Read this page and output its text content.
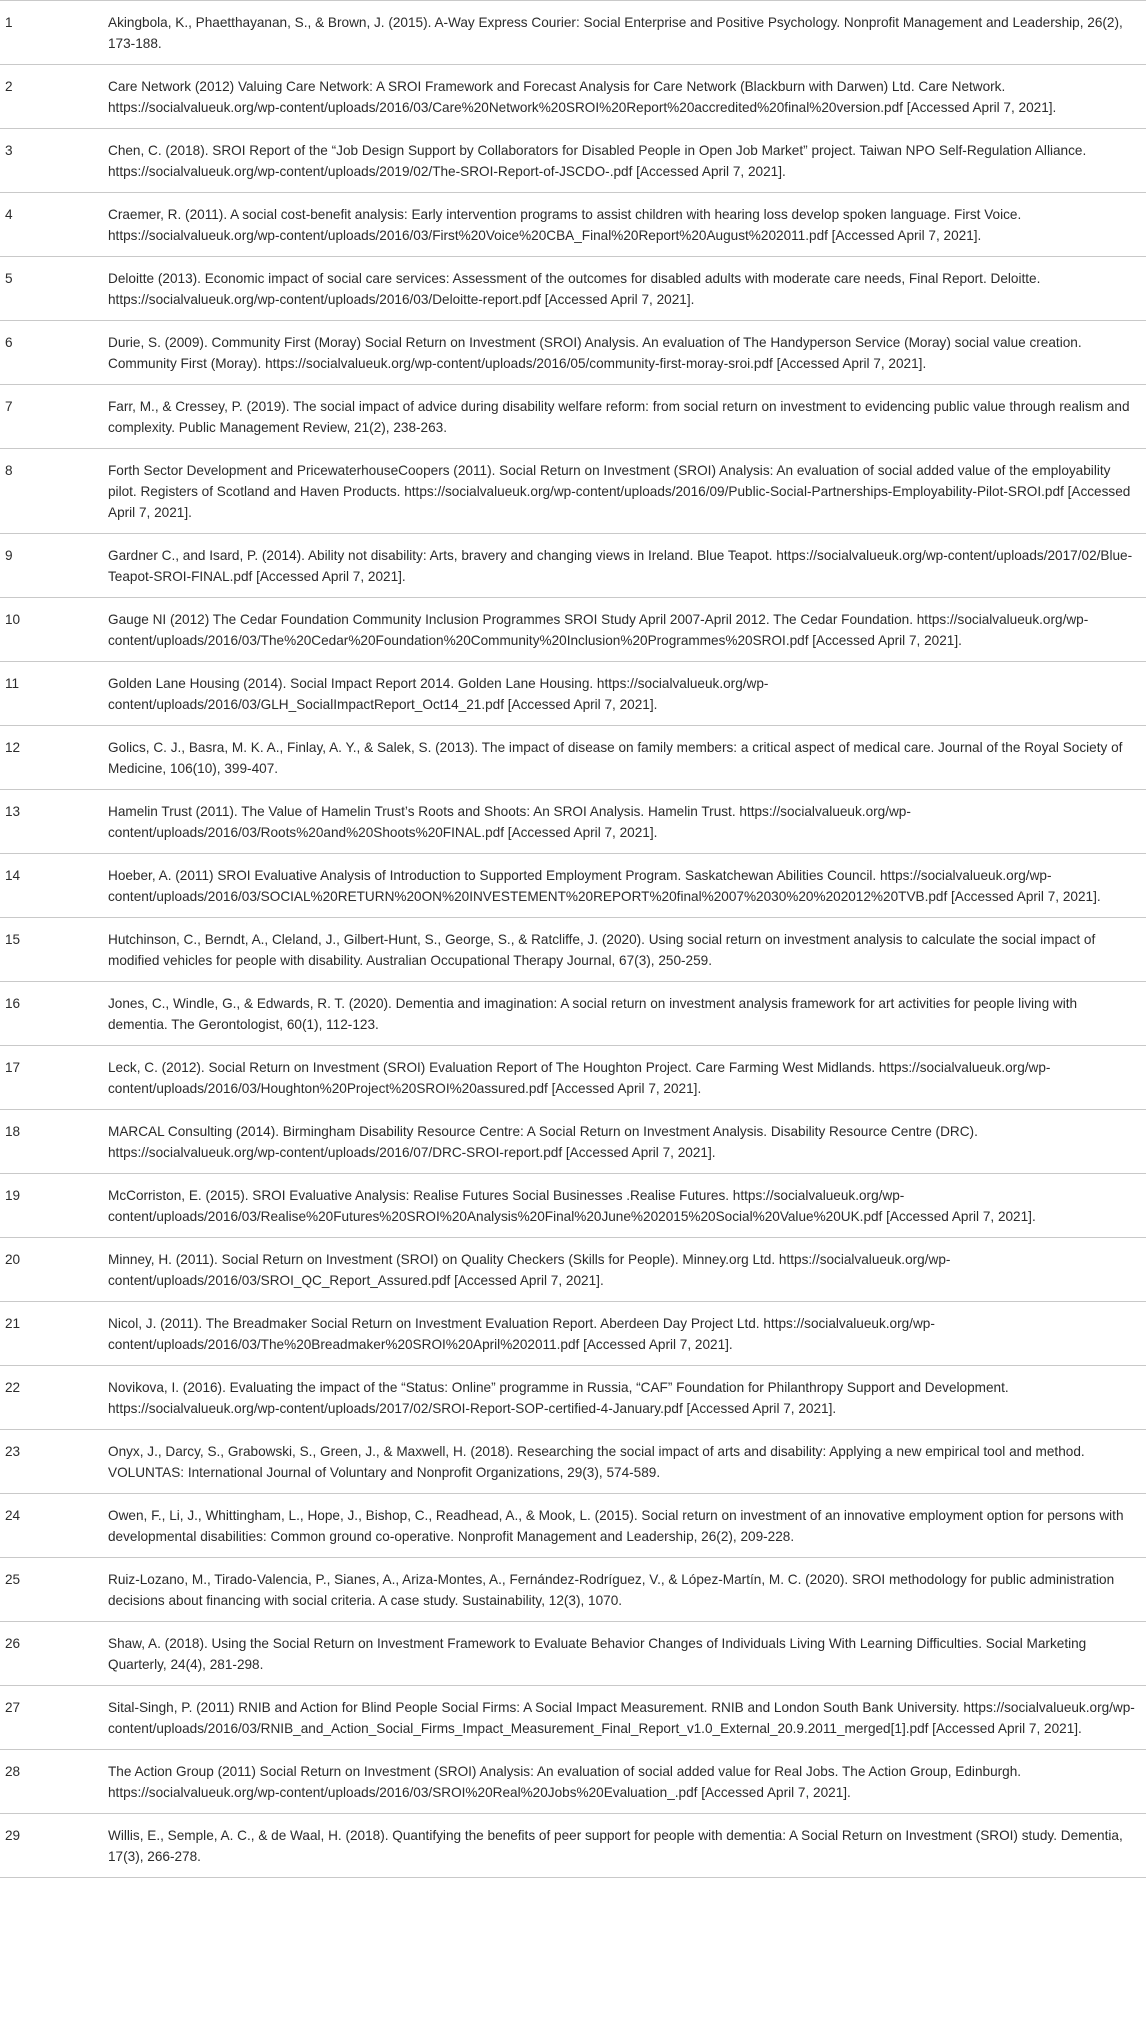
1	Akingbola, K., Phaetthayanan, S., & Brown, J. (2015). A-Way Express Courier: Social Enterprise and Positive Psychology. Nonprofit Management and Leadership, 26(2), 173-188.
2	Care Network (2012) Valuing Care Network: A SROI Framework and Forecast Analysis for Care Network (Blackburn with Darwen) Ltd. Care Network. https://socialvalueuk.org/wp-content/uploads/2016/03/Care%20Network%20SROI%20Report%20accredited%20final%20version.pdf [Accessed April 7, 2021].
3	Chen, C. (2018). SROI Report of the “Job Design Support by Collaborators for Disabled People in Open Job Market” project. Taiwan NPO Self-Regulation Alliance. https://socialvalueuk.org/wp-content/uploads/2019/02/The-SROI-Report-of-JSCDO-.pdf [Accessed April 7, 2021].
4	Craemer, R. (2011). A social cost-benefit analysis: Early intervention programs to assist children with hearing loss develop spoken language. First Voice. https://socialvalueuk.org/wp-content/uploads/2016/03/First%20Voice%20CBA_Final%20Report%20August%202011.pdf [Accessed April 7, 2021].
5	Deloitte (2013). Economic impact of social care services: Assessment of the outcomes for disabled adults with moderate care needs, Final Report. Deloitte. https://socialvalueuk.org/wp-content/uploads/2016/03/Deloitte-report.pdf [Accessed April 7, 2021].
6	Durie, S. (2009). Community First (Moray) Social Return on Investment (SROI) Analysis. An evaluation of The Handyperson Service (Moray) social value creation. Community First (Moray). https://socialvalueuk.org/wp-content/uploads/2016/05/community-first-moray-sroi.pdf [Accessed April 7, 2021].
7	Farr, M., & Cressey, P. (2019). The social impact of advice during disability welfare reform: from social return on investment to evidencing public value through realism and complexity. Public Management Review, 21(2), 238-263.
8	Forth Sector Development and PricewaterhouseCoopers (2011). Social Return on Investment (SROI) Analysis: An evaluation of social added value of the employability pilot. Registers of Scotland and Haven Products. https://socialvalueuk.org/wp-content/uploads/2016/09/Public-Social-Partnerships-Employability-Pilot-SROI.pdf [Accessed April 7, 2021].
9	Gardner C., and Isard, P. (2014). Ability not disability: Arts, bravery and changing views in Ireland. Blue Teapot. https://socialvalueuk.org/wp-content/uploads/2017/02/Blue-Teapot-SROI-FINAL.pdf [Accessed April 7, 2021].
10	Gauge NI (2012) The Cedar Foundation Community Inclusion Programmes SROI Study April 2007-April 2012. The Cedar Foundation. https://socialvalueuk.org/wp-content/uploads/2016/03/The%20Cedar%20Foundation%20Community%20Inclusion%20Programmes%20SROI.pdf [Accessed April 7, 2021].
11	Golden Lane Housing (2014). Social Impact Report 2014. Golden Lane Housing. https://socialvalueuk.org/wp-content/uploads/2016/03/GLH_SocialImpactReport_Oct14_21.pdf [Accessed April 7, 2021].
12	Golics, C. J., Basra, M. K. A., Finlay, A. Y., & Salek, S. (2013). The impact of disease on family members: a critical aspect of medical care. Journal of the Royal Society of Medicine, 106(10), 399-407.
13	Hamelin Trust (2011). The Value of Hamelin Trust’s Roots and Shoots: An SROI Analysis. Hamelin Trust. https://socialvalueuk.org/wp-content/uploads/2016/03/Roots%20and%20Shoots%20FINAL.pdf [Accessed April 7, 2021].
14	Hoeber, A. (2011) SROI Evaluative Analysis of Introduction to Supported Employment Program. Saskatchewan Abilities Council. https://socialvalueuk.org/wp-content/uploads/2016/03/SOCIAL%20RETURN%20ON%20INVESTEMENT%20REPORT%20final%2007%2030%20%202012%20TVB.pdf [Accessed April 7, 2021].
15	Hutchinson, C., Berndt, A., Cleland, J., Gilbert-Hunt, S., George, S., & Ratcliffe, J. (2020). Using social return on investment analysis to calculate the social impact of modified vehicles for people with disability. Australian Occupational Therapy Journal, 67(3), 250-259.
16	Jones, C., Windle, G., & Edwards, R. T. (2020). Dementia and imagination: A social return on investment analysis framework for art activities for people living with dementia. The Gerontologist, 60(1), 112-123.
17	Leck, C. (2012). Social Return on Investment (SROI) Evaluation Report of The Houghton Project. Care Farming West Midlands. https://socialvalueuk.org/wp-content/uploads/2016/03/Houghton%20Project%20SROI%20assured.pdf [Accessed April 7, 2021].
18	MARCAL Consulting (2014). Birmingham Disability Resource Centre: A Social Return on Investment Analysis. Disability Resource Centre (DRC). https://socialvalueuk.org/wp-content/uploads/2016/07/DRC-SROI-report.pdf [Accessed April 7, 2021].
19	McCorriston, E. (2015). SROI Evaluative Analysis: Realise Futures Social Businesses .Realise Futures. https://socialvalueuk.org/wp-content/uploads/2016/03/Realise%20Futures%20SROI%20Analysis%20Final%20June%202015%20Social%20Value%20UK.pdf [Accessed April 7, 2021].
20	Minney, H. (2011). Social Return on Investment (SROI) on Quality Checkers (Skills for People). Minney.org Ltd. https://socialvalueuk.org/wp-content/uploads/2016/03/SROI_QC_Report_Assured.pdf [Accessed April 7, 2021].
21	Nicol, J. (2011). The Breadmaker Social Return on Investment Evaluation Report. Aberdeen Day Project Ltd. https://socialvalueuk.org/wp-content/uploads/2016/03/The%20Breadmaker%20SROI%20April%202011.pdf [Accessed April 7, 2021].
22	Novikova, I. (2016). Evaluating the impact of the “Status: Online” programme in Russia, “CAF” Foundation for Philanthropy Support and Development. https://socialvalueuk.org/wp-content/uploads/2017/02/SROI-Report-SOP-certified-4-January.pdf [Accessed April 7, 2021].
23	Onyx, J., Darcy, S., Grabowski, S., Green, J., & Maxwell, H. (2018). Researching the social impact of arts and disability: Applying a new empirical tool and method. VOLUNTAS: International Journal of Voluntary and Nonprofit Organizations, 29(3), 574-589.
24	Owen, F., Li, J., Whittingham, L., Hope, J., Bishop, C., Readhead, A., & Mook, L. (2015). Social return on investment of an innovative employment option for persons with developmental disabilities: Common ground co-operative. Nonprofit Management and Leadership, 26(2), 209-228.
25	Ruiz-Lozano, M., Tirado-Valencia, P., Sianes, A., Ariza-Montes, A., Fernández-Rodríguez, V., & López-Martín, M. C. (2020). SROI methodology for public administration decisions about financing with social criteria. A case study. Sustainability, 12(3), 1070.
26	Shaw, A. (2018). Using the Social Return on Investment Framework to Evaluate Behavior Changes of Individuals Living With Learning Difficulties. Social Marketing Quarterly, 24(4), 281-298.
27	Sital-Singh, P. (2011) RNIB and Action for Blind People Social Firms: A Social Impact Measurement. RNIB and London South Bank University. https://socialvalueuk.org/wp-content/uploads/2016/03/RNIB_and_Action_Social_Firms_Impact_Measurement_Final_Report_v1.0_External_20.9.2011_merged[1].pdf [Accessed April 7, 2021].
28	The Action Group (2011) Social Return on Investment (SROI) Analysis: An evaluation of social added value for Real Jobs. The Action Group, Edinburgh. https://socialvalueuk.org/wp-content/uploads/2016/03/SROI%20Real%20Jobs%20Evaluation_.pdf [Accessed April 7, 2021].
29	Willis, E., Semple, A. C., & de Waal, H. (2018). Quantifying the benefits of peer support for people with dementia: A Social Return on Investment (SROI) study. Dementia, 17(3), 266-278.
